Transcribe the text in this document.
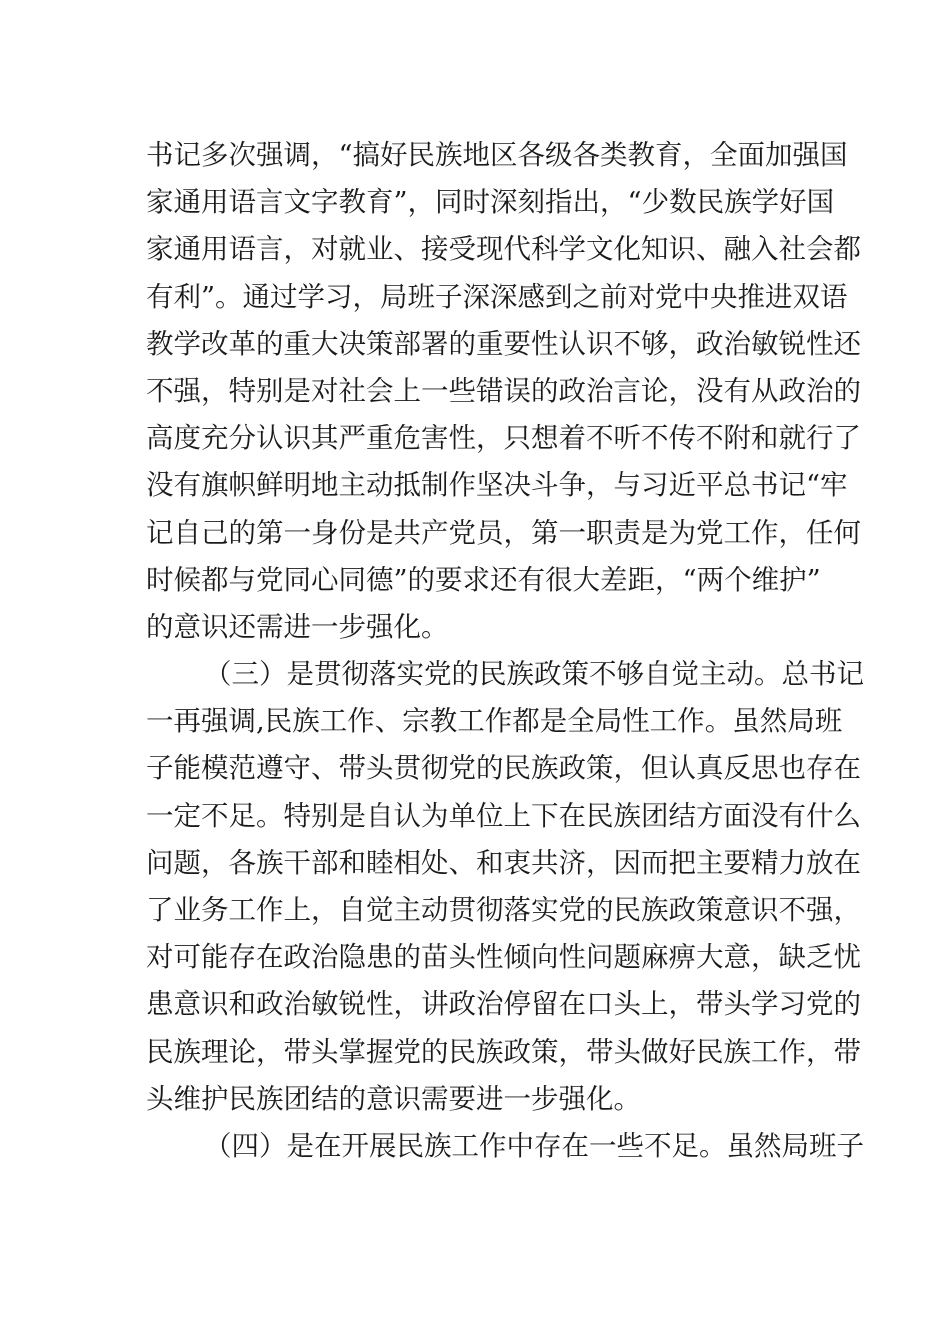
书记多次强调，“搞好民族地区各级各类教育，全面加强国
家通用语言文字教育”，同时深刻指出，“少数民族学好国
家通用语言，对就业、接受现代科学文化知识、融入社会都
有利”。通过学习，局班子深深感到之前对党中央推进双语
教学改革的重大决策部署的重要性认识不够，政治敏锐性还
不强，特别是对社会上一些错误的政治言论，没有从政治的
高度充分认识其严重危害性，只想着不听不传不附和就行了
没有旗帜鲜明地主动抵制作坚决斗争，与习近平总书记“牢
记自己的第一身份是共产党员，第一职责是为党工作，任何
时候都与党同心同德”的要求还有很大差距，“两个维护”
的意识还需进一步强化。
（三）是贯彻落实党的民族政策不够自觉主动。总书记
一再强调,民族工作、宗教工作都是全局性工作。虽然局班
子能模范遵守、带头贯彻党的民族政策，但认真反思也存在
一定不足。特别是自认为单位上下在民族团结方面没有什么
问题，各族干部和睦相处、和衷共济，因而把主要精力放在
了业务工作上，自觉主动贯彻落实党的民族政策意识不强，
对可能存在政治隐患的苗头性倾向性问题麻痹大意，缺乏忧
患意识和政治敏锐性，讲政治停留在口头上，带头学习党的
民族理论，带头掌握党的民族政策，带头做好民族工作，带
头维护民族团结的意识需要进一步强化。
（四）是在开展民族工作中存在一些不足。虽然局班子
